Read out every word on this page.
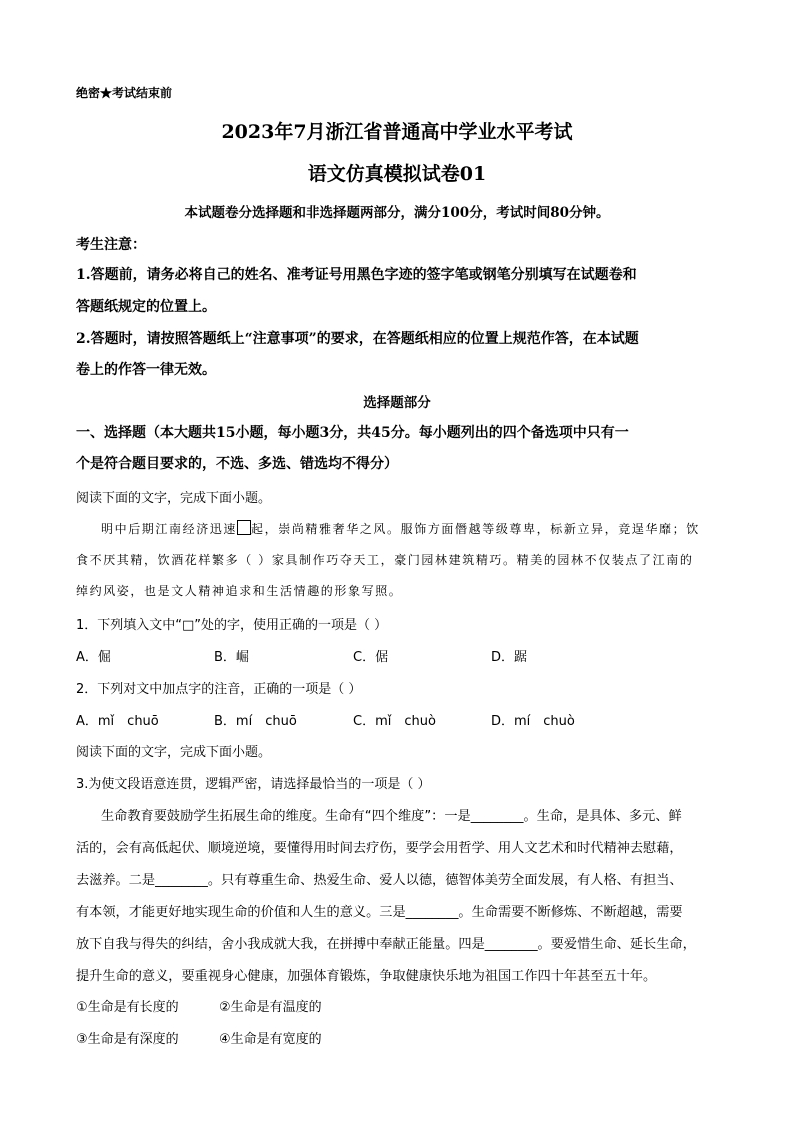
绝密★考试结束前
2023年7月浙江省普通高中学业水平考试
语文仿真模拟试卷01
本试题卷分选择题和非选择题两部分，满分100分，考试时间80分钟。
考生注意：
1.答题前，请务必将自己的姓名、准考证号用黑色字迹的签字笔或钢笔分别填写在试题卷和
答题纸规定的位置上。
2.答题时，请按照答题纸上“注意事项”的要求，在答题纸相应的位置上规范作答，在本试题
卷上的作答一律无效。
选择题部分
一、选择题（本大题共15小题，每小题3分，共45分。每小题列出的四个备选项中只有一
个是符合题目要求的，不选、多选、错选均不得分）
阅读下面的文字，完成下面小题。
明中后期江南经济迅速 起，崇尚精雅奢华之风。服饰方面僭越等级尊卑，标新立异，竞逞华靡；饮
食不厌其精，饮酒花样繁多（ ）家具制作巧夺天工，豪门园林建筑精巧。精美的园林不仅装点了江南的
绰约风姿，也是文人精神追求和生活情趣的形象写照。
1．下列填入文中“□”处的字，使用正确的一项是（ ）
A．倔	B．崛	C．倨	D．踞
2．下列对文中加点字的注音，正确的一项是（ ）
A．mǐ　chuō	B．mí　chuō	C．mǐ　chuò	D．mí　chuò
阅读下面的文字，完成下面小题。
3.为使文段语意连贯，逻辑严密，请选择最恰当的一项是（ ）
生命教育要鼓励学生拓展生命的维度。生命有“四个维度”：一是________。生命，是具体、多元、鲜
活的，会有高低起伏、顺境逆境，要懂得用时间去疗伤，要学会用哲学、用人文艺术和时代精神去慰藉，
去滋养。二是________。只有尊重生命、热爱生命、爱人以德，德智体美劳全面发展，有人格、有担当、
有本领，才能更好地实现生命的价值和人生的意义。三是________。生命需要不断修炼、不断超越，需要
放下自我与得失的纠结，舍小我成就大我，在拼搏中奉献正能量。四是________。要爱惜生命、延长生命，
提升生命的意义，要重视身心健康，加强体育锻炼，争取健康快乐地为祖国工作四十年甚至五十年。
①生命是有长度的	②生命是有温度的
③生命是有深度的	④生命是有宽度的
